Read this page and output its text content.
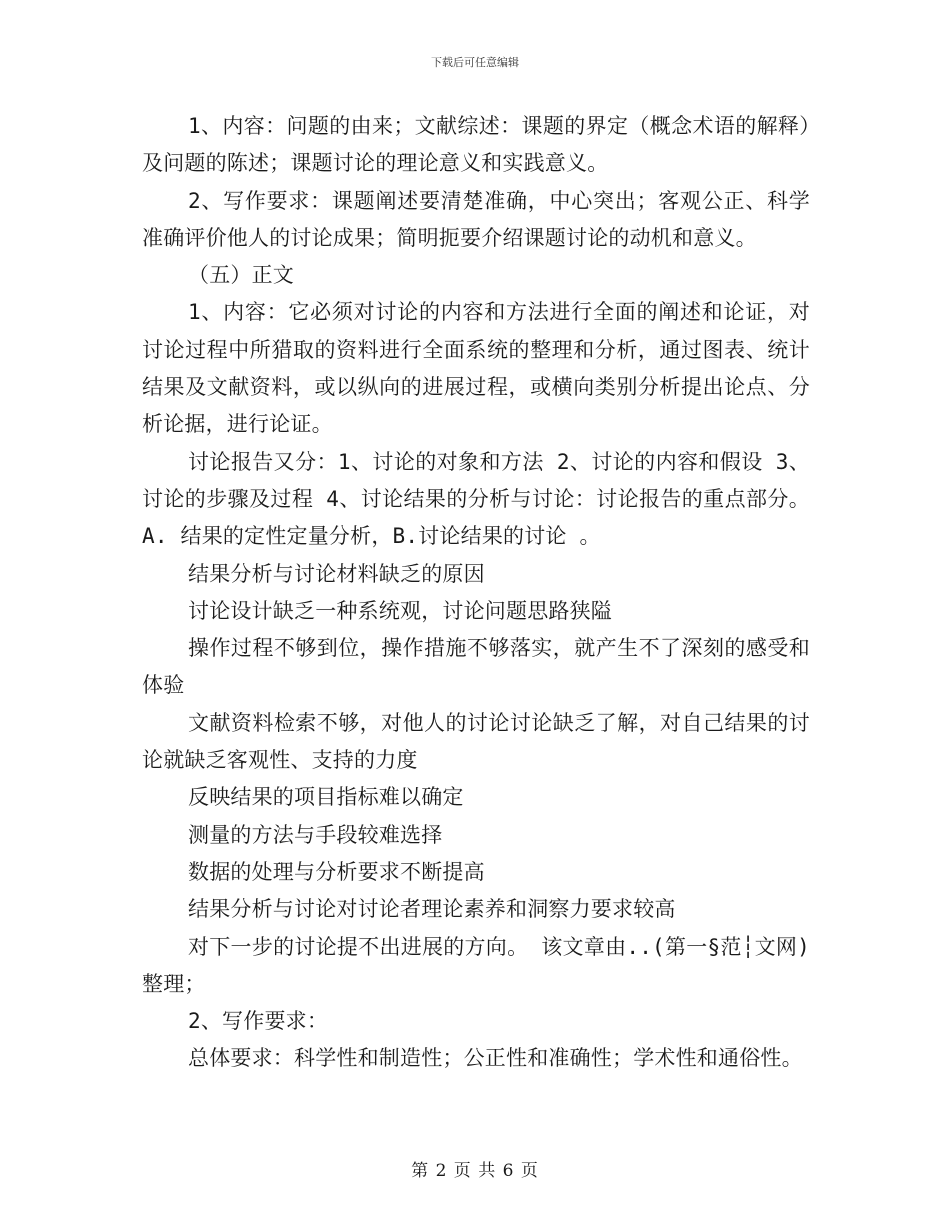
下载后可任意编辑

1、内容：问题的由来；文献综述：课题的界定（概念术语的解释）及问题的陈述；课题讨论的理论意义和实践意义。

2、写作要求：课题阐述要清楚准确，中心突出；客观公正、科学准确评价他人的讨论成果；简明扼要介绍课题讨论的动机和意义。

（五）正文

1、内容：它必须对讨论的内容和方法进行全面的阐述和论证，对讨论过程中所猎取的资料进行全面系统的整理和分析，通过图表、统计结果及文献资料，或以纵向的进展过程，或横向类别分析提出论点、分析论据，进行论证。

讨论报告又分：1、讨论的对象和方法 2、讨论的内容和假设 3、讨论的步骤及过程 4、讨论结果的分析与讨论：讨论报告的重点部分。A. 结果的定性定量分析，B.讨论结果的讨论 。

结果分析与讨论材料缺乏的原因

讨论设计缺乏一种系统观，讨论问题思路狭隘

操作过程不够到位，操作措施不够落实，就产生不了深刻的感受和体验

文献资料检索不够，对他人的讨论讨论缺乏了解，对自己结果的讨论就缺乏客观性、支持的力度

反映结果的项目指标难以确定

测量的方法与手段较难选择

数据的处理与分析要求不断提高

结果分析与讨论对讨论者理论素养和洞察力要求较高

对下一步的讨论提不出进展的方向。 该文章由..(第一§范┆文网)整理；

2、写作要求：

总体要求：科学性和制造性；公正性和准确性；学术性和通俗性。

第 2 页 共 6 页
